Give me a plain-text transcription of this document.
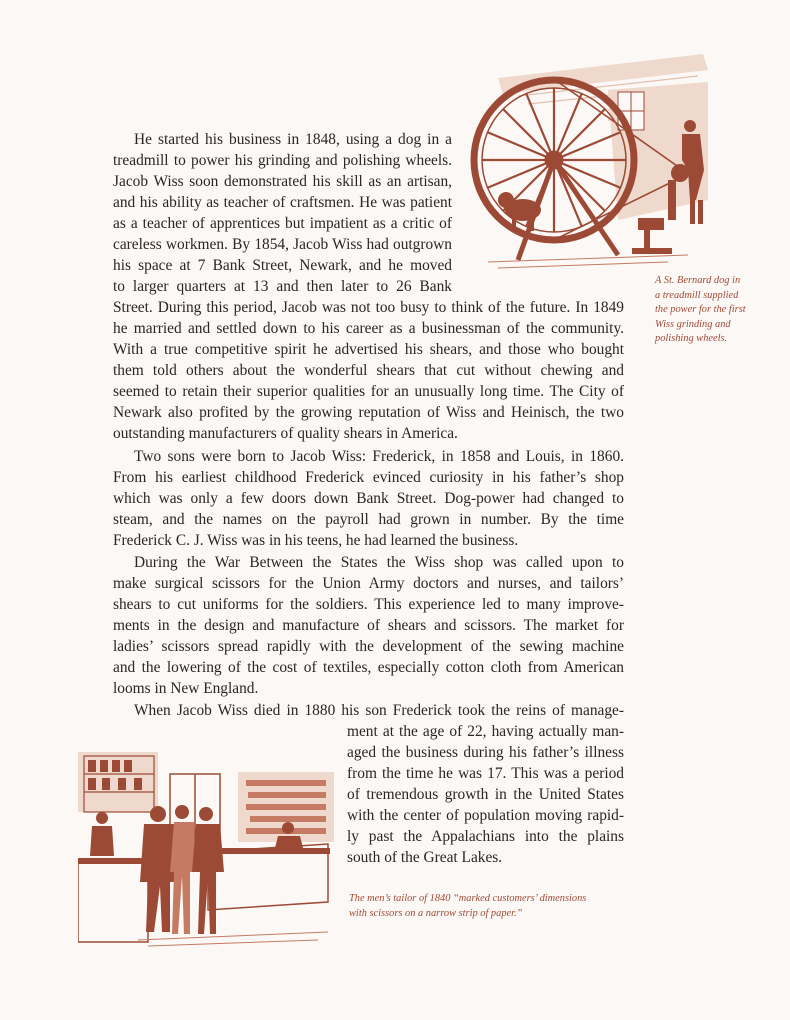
A St. Bernard dog in
a treadmill supplied
the power for the first
Wiss grinding and
polishing wheels.

He started his business in 1848, using a dog in a

treadmill to power his grinding and polishing wheels.

Jacob Wiss soon demonstrated his skill as an artisan,

and his ability as teacher of craftsmen. He was patient

as a teacher of apprentices but impatient as a critic of

careless workmen. By 1854, Jacob Wiss had outgrown

his space at 7 Bank Street, Newark, and he moved

to larger quarters at 13 and then later to 26 Bank

Street. During this period, Jacob was not too busy to think of the future. In 1849

he married and settled down to his career as a businessman of the community.

With a true competitive spirit he advertised his shears, and those who bought

them told others about the wonderful shears that cut without chewing and

seemed to retain their superior qualities for an unusually long time. The City of

Newark also profited by the growing reputation of Wiss and Heinisch, the two

outstanding manufacturers of quality shears in America.

Two sons were born to Jacob Wiss: Frederick, in 1858 and Louis, in 1860.

From his earliest childhood Frederick evinced curiosity in his father’s shop

which was only a few doors down Bank Street. Dog-power had changed to

steam, and the names on the payroll had grown in number. By the time

Frederick C. J. Wiss was in his teens, he had learned the business.

During the War Between the States the Wiss shop was called upon to

make surgical scissors for the Union Army doctors and nurses, and tailors’

shears to cut uniforms for the soldiers. This experience led to many improve-

ments in the design and manufacture of shears and scissors. The market for

ladies’ scissors spread rapidly with the development of the sewing machine

and the lowering of the cost of textiles, especially cotton cloth from American

looms in New England.

When Jacob Wiss died in 1880 his son Frederick took the reins of manage-

ment at the age of 22, having actually man-

aged the business during his father’s illness

from the time he was 17. This was a period

of tremendous growth in the United States

with the center of population moving rapid-

ly past the Appalachians into the plains

south of the Great Lakes.

The men’s tailor of 1840 “marked customers’ dimensions
with scissors on a narrow strip of paper.”
